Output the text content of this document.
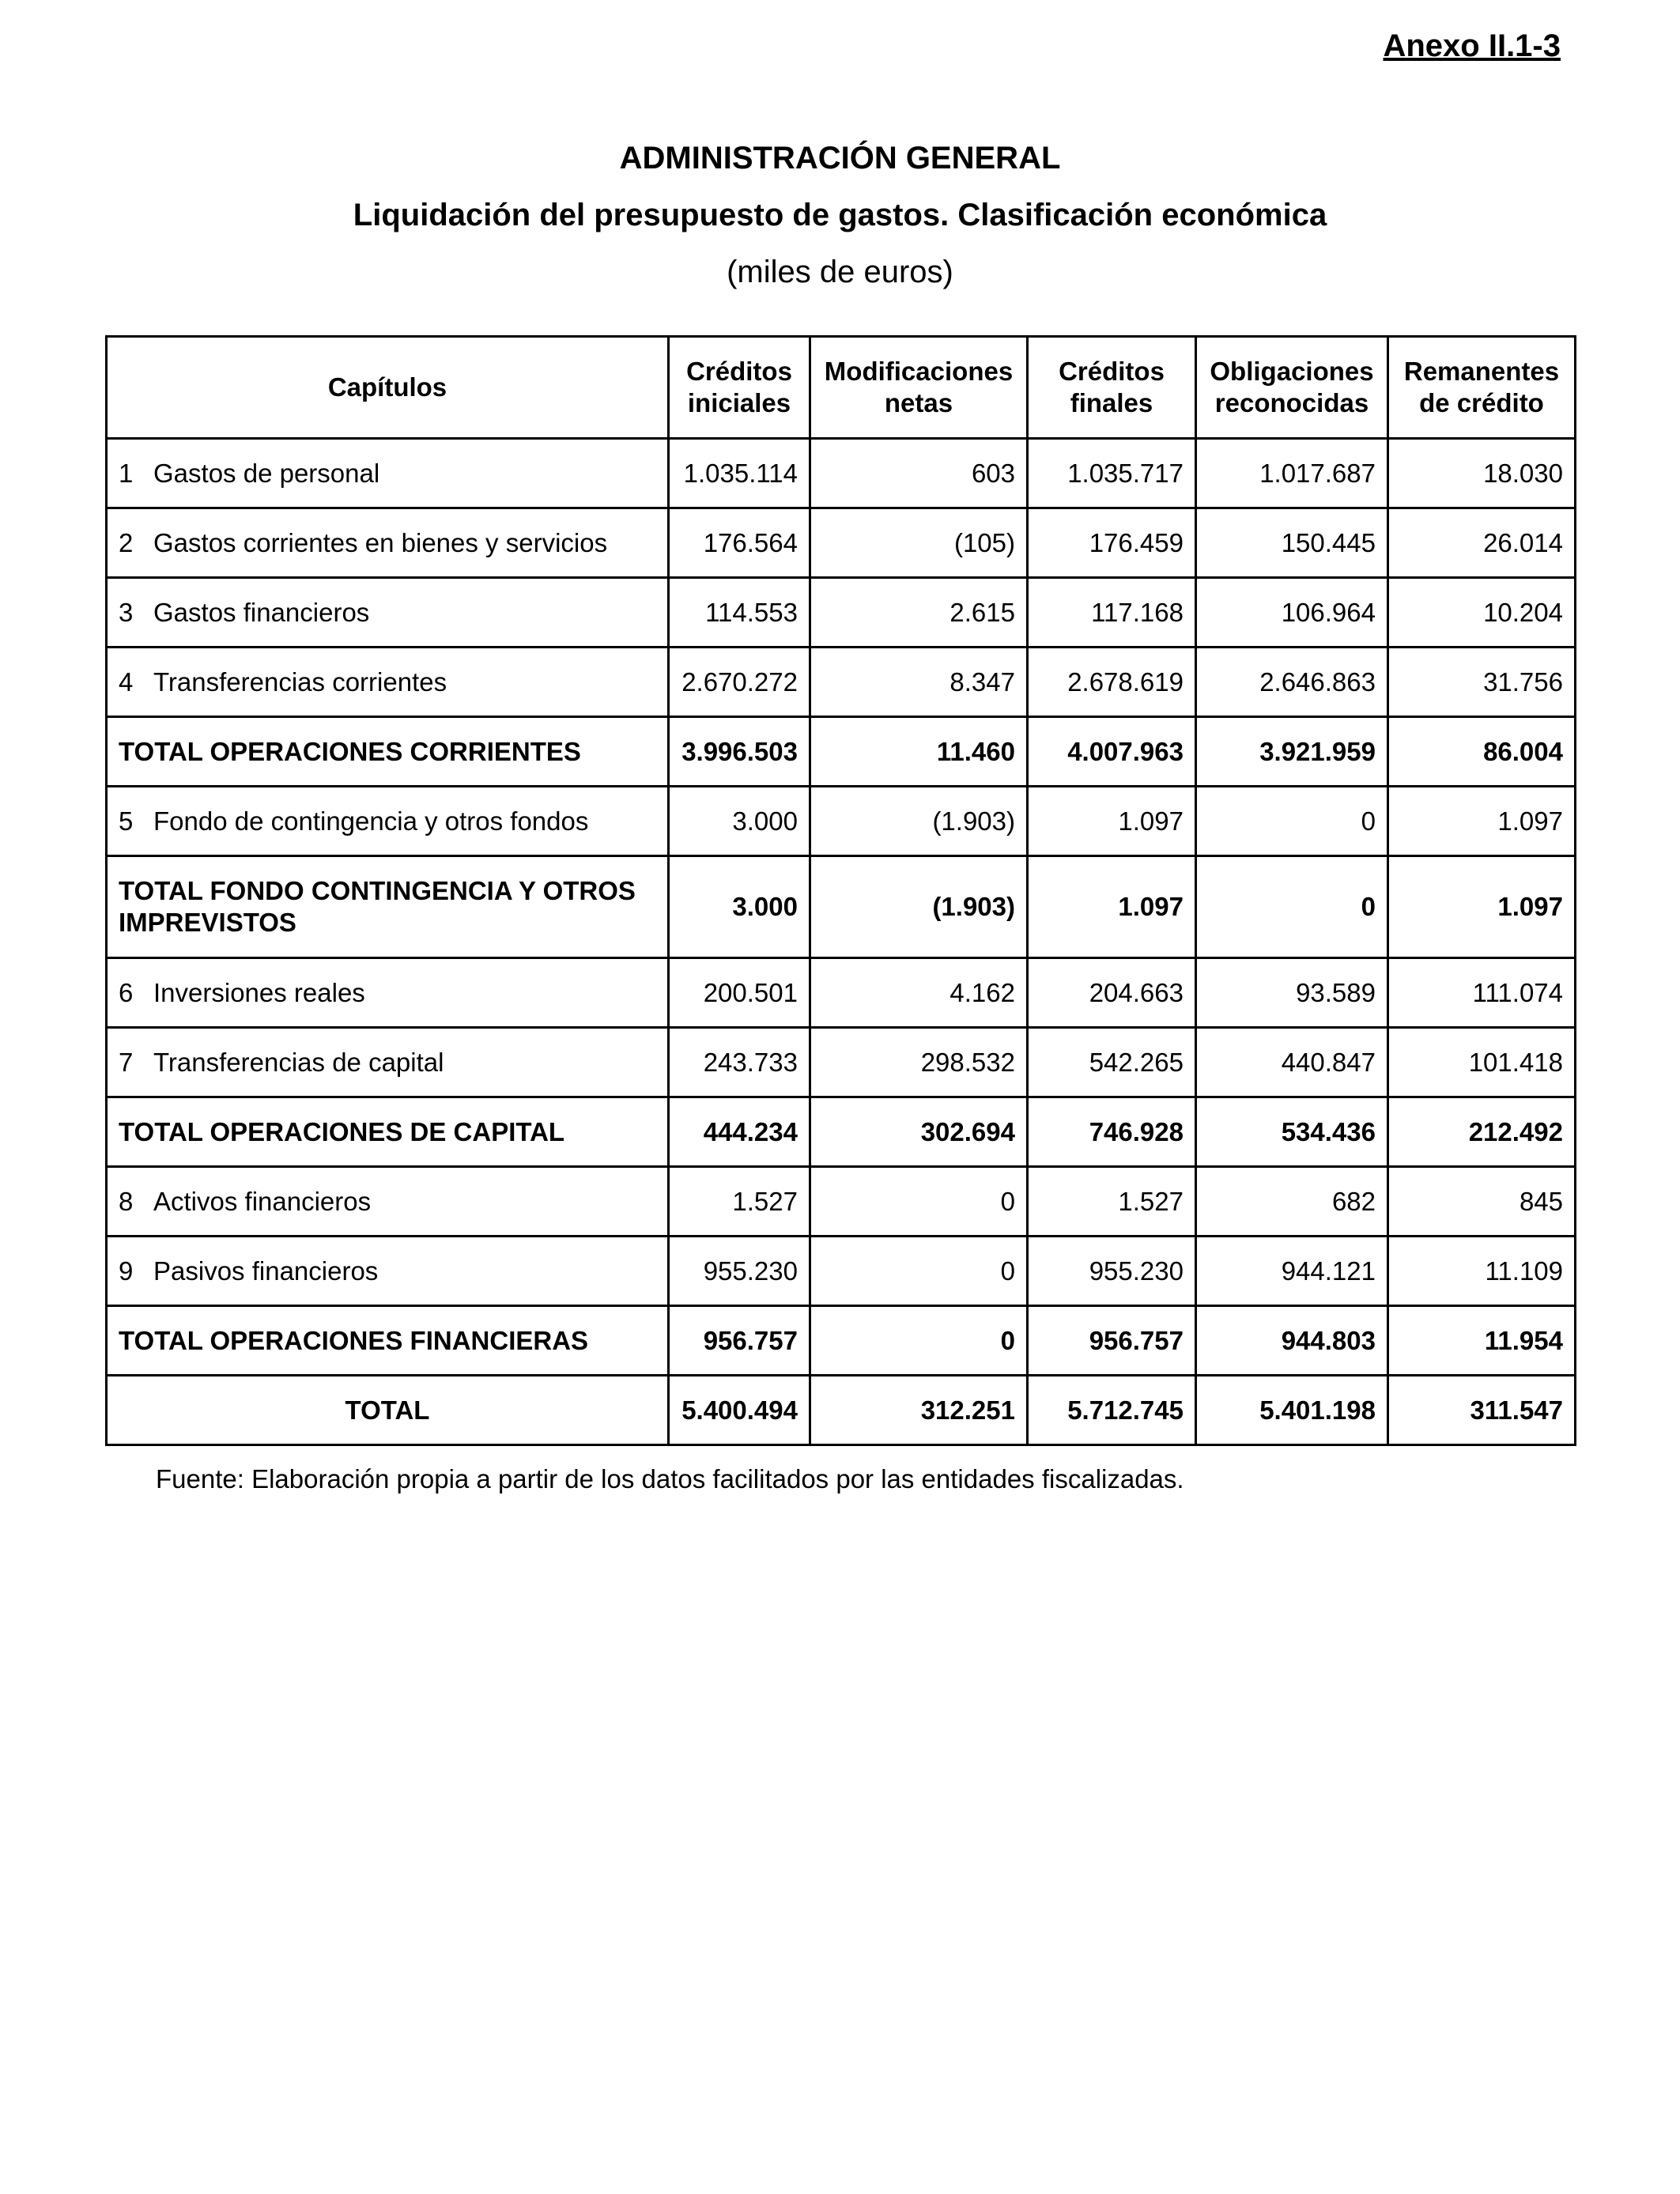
Anexo II.1-3
ADMINISTRACIÓN GENERAL
Liquidación del presupuesto de gastos. Clasificación económica
(miles de euros)
Capítulos	Créditos iniciales	Modificaciones netas	Créditos finales	Obligaciones reconocidas	Remanentes de crédito
1 Gastos de personal	1.035.114	603	1.035.717	1.017.687	18.030
2 Gastos corrientes en bienes y servicios	176.564	(105)	176.459	150.445	26.014
3 Gastos financieros	114.553	2.615	117.168	106.964	10.204
4 Transferencias corrientes	2.670.272	8.347	2.678.619	2.646.863	31.756
TOTAL OPERACIONES CORRIENTES	3.996.503	11.460	4.007.963	3.921.959	86.004
5 Fondo de contingencia y otros fondos	3.000	(1.903)	1.097	0	1.097

TOTAL FONDO CONTINGENCIA Y OTROS IMPREVISTOS	3.000	(1.903)	1.097	0	1.097
6 Inversiones reales	200.501	4.162	204.663	93.589	111.074
7 Transferencias de capital	243.733	298.532	542.265	440.847	101.418
TOTAL OPERACIONES DE CAPITAL	444.234	302.694	746.928	534.436	212.492
8 Activos financieros	1.527	0	1.527	682	845
9 Pasivos financieros	955.230	0	955.230	944.121	11.109
TOTAL OPERACIONES FINANCIERAS	956.757	0	956.757	944.803	11.954
TOTAL	5.400.494	312.251	5.712.745	5.401.198	311.547
Fuente: Elaboración propia a partir de los datos facilitados por las entidades fiscalizadas.
